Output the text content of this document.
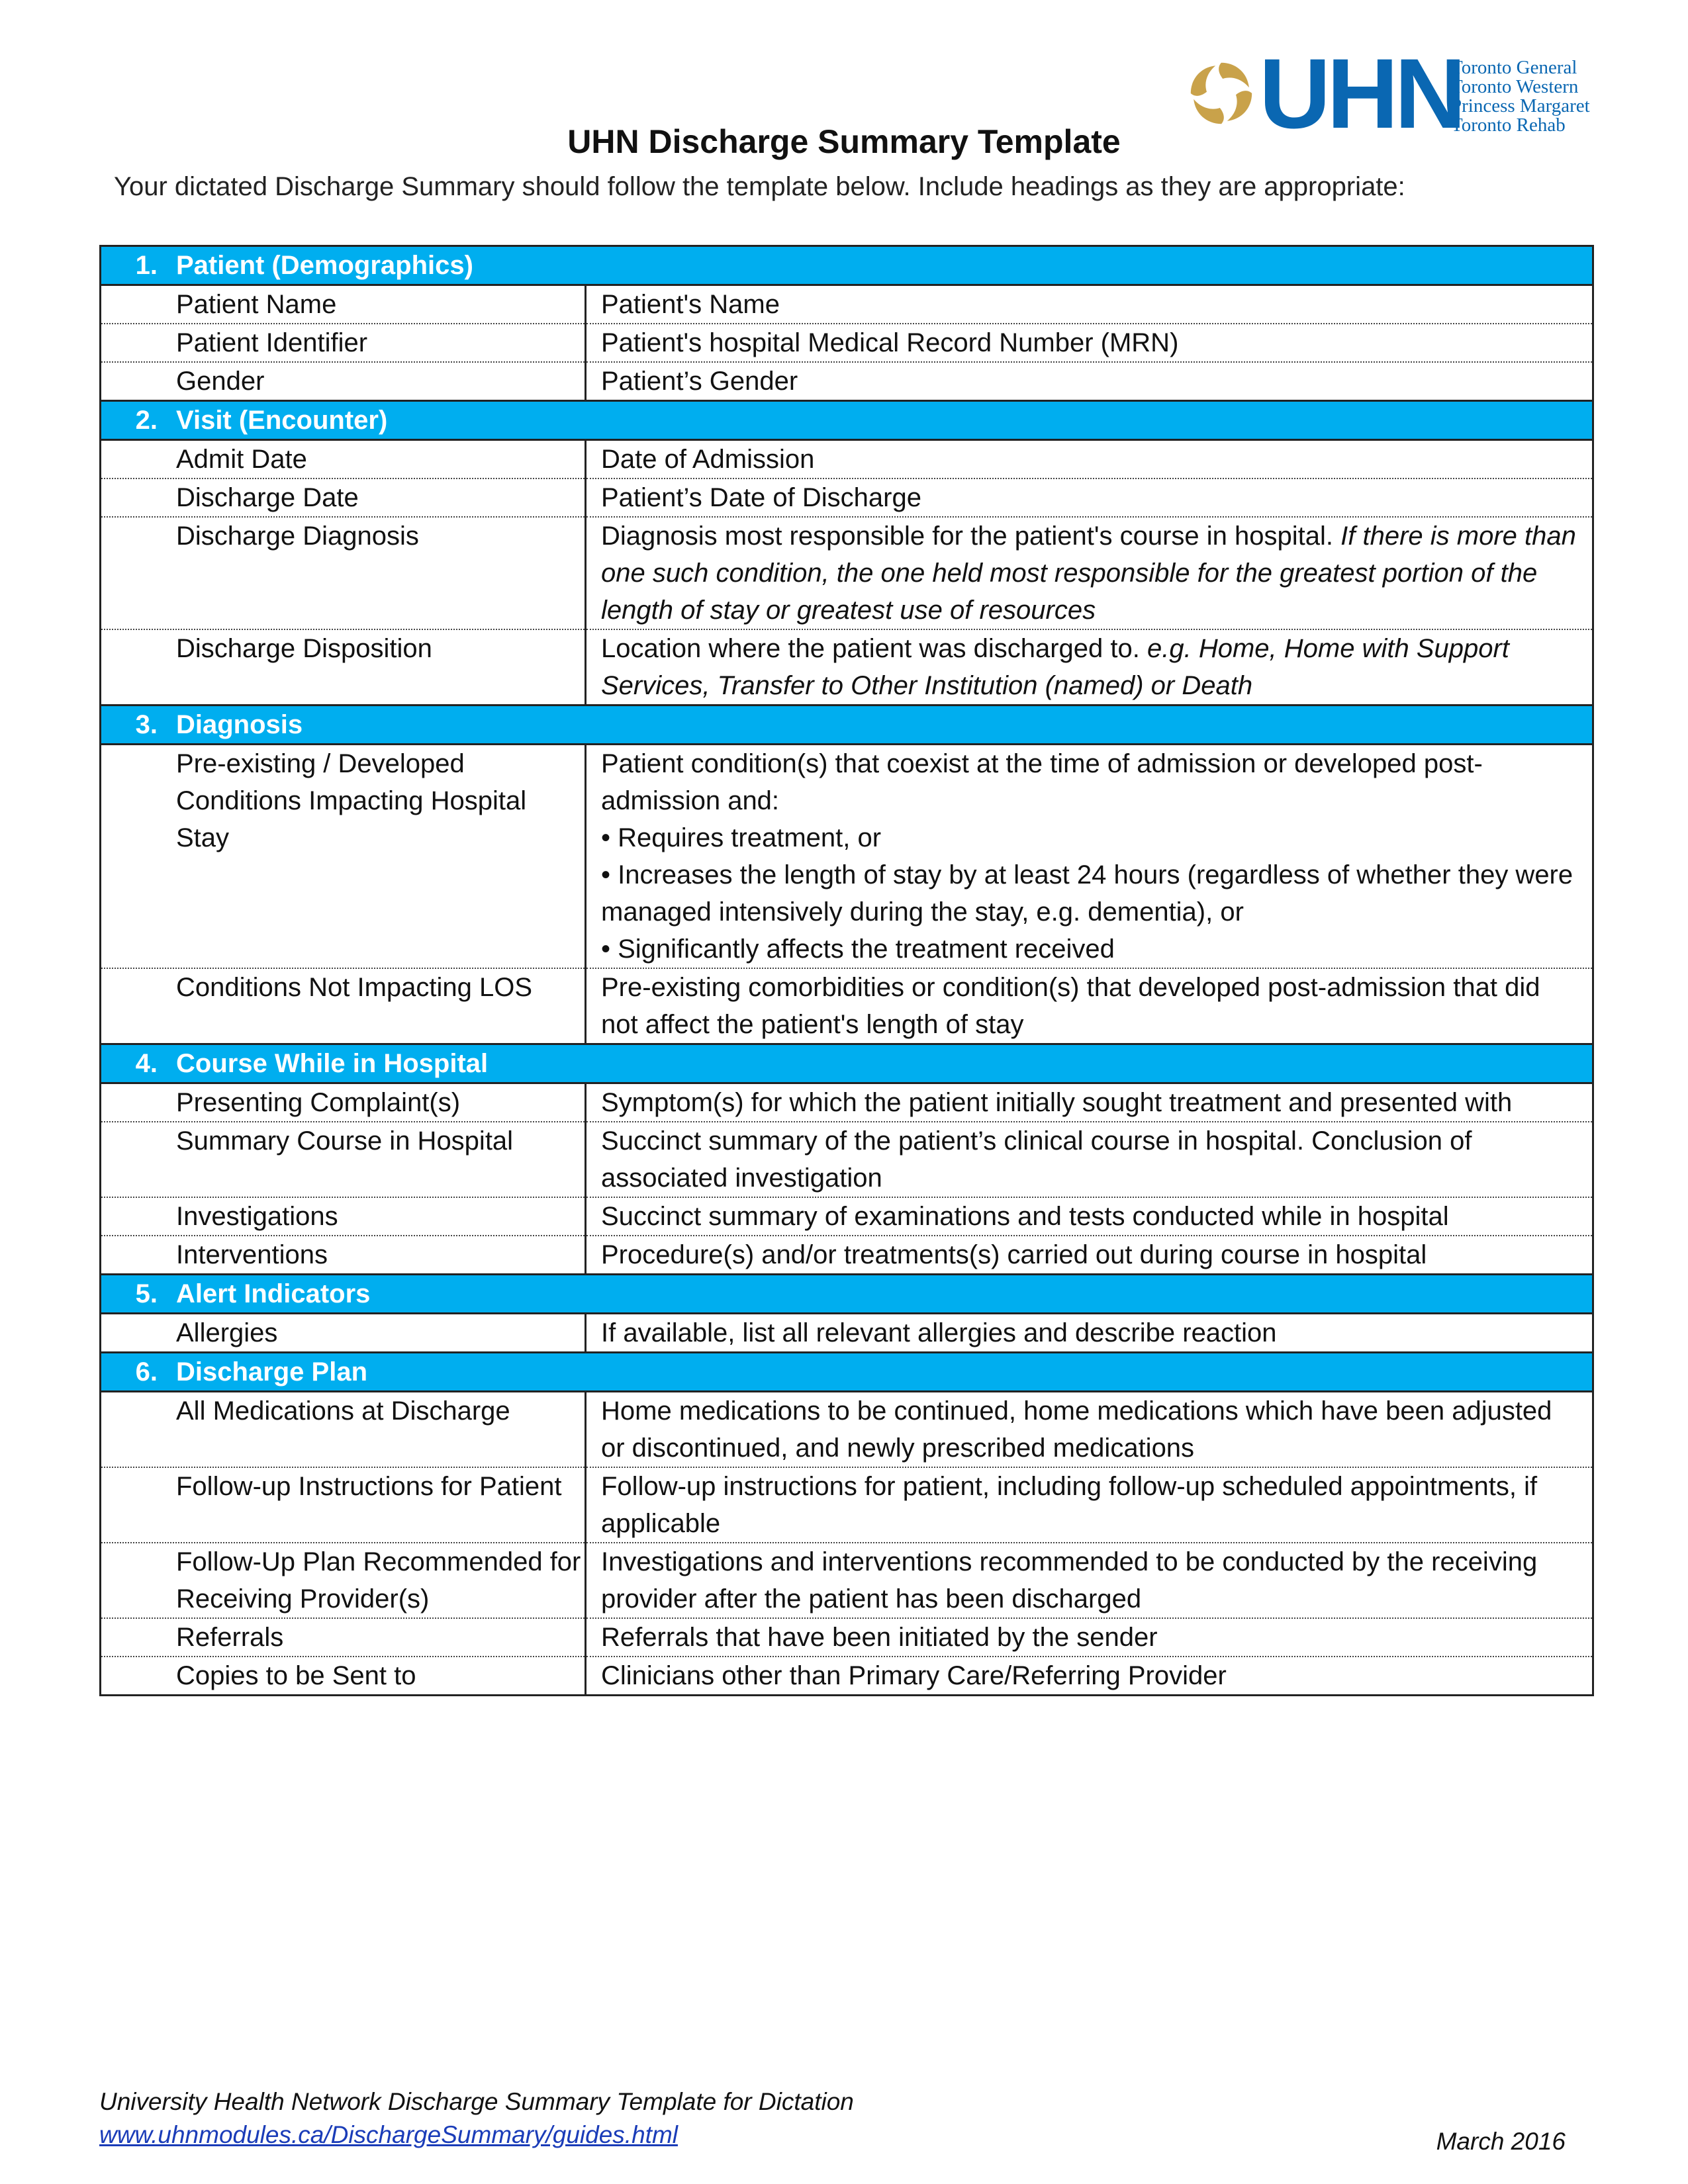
UHN
Toronto General
Toronto Western
Princess Margaret
Toronto Rehab
UHN Discharge Summary Template
Your dictated Discharge Summary should follow the template below. Include headings as they are appropriate:
1. Patient (Demographics)	
Patient Name	Patient's Name
Patient Identifier	Patient's hospital Medical Record Number (MRN)
Gender	Patient’s Gender
2. Visit (Encounter)	
Admit Date	Date of Admission
Discharge Date	Patient’s Date of Discharge
Discharge Diagnosis	Diagnosis most responsible for the patient's course in hospital. If there is more than one such condition, the one held most responsible for the greatest portion of the length of stay or greatest use of resources
Discharge Disposition	Location where the patient was discharged to. e.g. Home, Home with Support Services, Transfer to Other Institution (named) or Death
3. Diagnosis	
Pre-existing / Developed Conditions Impacting Hospital Stay	Patient condition(s) that coexist at the time of admission or developed post-admission and:
• Requires treatment, or
• Increases the length of stay by at least 24 hours (regardless of whether they were managed intensively during the stay, e.g. dementia), or
• Significantly affects the treatment received

Conditions Not Impacting LOS	Pre-existing comorbidities or condition(s) that developed post-admission that did not affect the patient's length of stay
4. Course While in Hospital	
Presenting Complaint(s)	Symptom(s) for which the patient initially sought treatment and presented with
Summary Course in Hospital	Succinct summary of the patient’s clinical course in hospital. Conclusion of associated investigation
Investigations	Succinct summary of examinations and tests conducted while in hospital
Interventions	Procedure(s) and/or treatments(s) carried out during course in hospital
5. Alert Indicators	
Allergies	If available, list all relevant allergies and describe reaction
6. Discharge Plan	
All Medications at Discharge	Home medications to be continued, home medications which have been adjusted or discontinued, and newly prescribed medications
Follow-up Instructions for Patient	Follow-up instructions for patient, including follow-up scheduled appointments, if applicable
Follow-Up Plan Recommended for Receiving Provider(s)	Investigations and interventions recommended to be conducted by the receiving provider after the patient has been discharged
Referrals	Referrals that have been initiated by the sender
Copies to be Sent to	Clinicians other than Primary Care/Referring Provider
University Health Network Discharge Summary Template for Dictation
www.uhnmodules.ca/DischargeSummary/guides.html	March 2016
